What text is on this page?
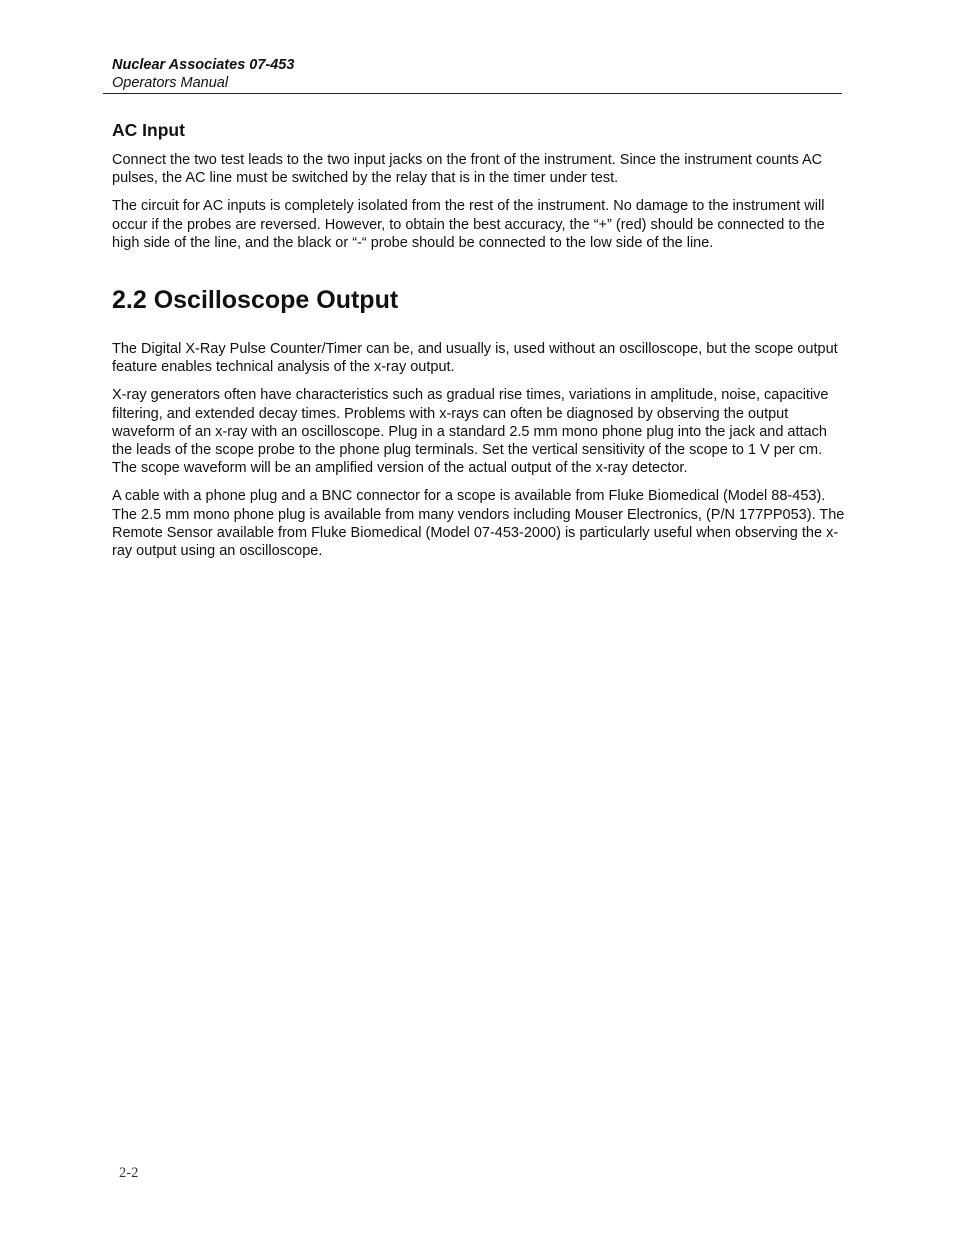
Nuclear Associates 07-453
Operators Manual
AC Input

Connect the two test leads to the two input jacks on the front of the instrument. Since the instrument counts AC pulses, the AC line must be switched by the relay that is in the timer under test.

The circuit for AC inputs is completely isolated from the rest of the instrument. No damage to the instrument will occur if the probes are reversed. However, to obtain the best accuracy, the “+” (red) should be connected to the high side of the line, and the black or “-“ probe should be connected to the low side of the line.

2.2 Oscilloscope Output

The Digital X-Ray Pulse Counter/Timer can be, and usually is, used without an oscilloscope, but the scope output feature enables technical analysis of the x-ray output.

X-ray generators often have characteristics such as gradual rise times, variations in amplitude, noise, capacitive filtering, and extended decay times. Problems with x-rays can often be diagnosed by observing the output waveform of an x-ray with an oscilloscope. Plug in a standard 2.5 mm mono phone plug into the jack and attach the leads of the scope probe to the phone plug terminals. Set the vertical sensitivity of the scope to 1 V per cm. The scope waveform will be an amplified version of the actual output of the x-ray detector.

A cable with a phone plug and a BNC connector for a scope is available from Fluke Biomedical (Model 88-453). The 2.5 mm mono phone plug is available from many vendors including Mouser Electronics, (P/N 177PP053). The Remote Sensor available from Fluke Biomedical (Model 07-453-2000) is particularly useful when observing the x-ray output using an oscilloscope.

2-2
